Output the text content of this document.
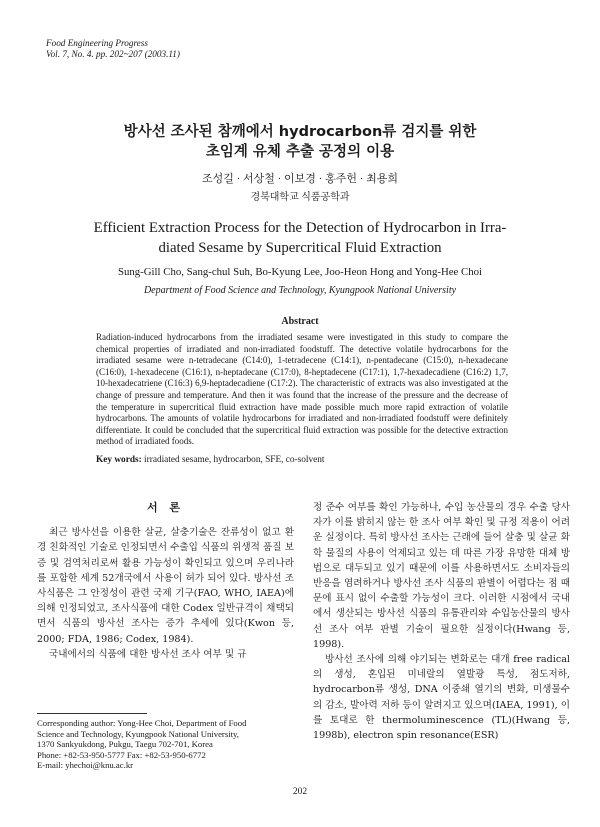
Food Engineering Progress
Vol. 7, No. 4. pp. 202~207 (2003.11)
방사선 조사된 참깨에서 hydrocarbon류 검지를 위한
초임계 유체 추출 공정의 이용
조성길 · 서상철 · 이보경 · 홍주헌 · 최용희
경북대학교 식품공학과
Efficient Extraction Process for the Detection of Hydrocarbon in Irra-
diated Sesame by Supercritical Fluid Extraction
Sung-Gill Cho, Sang-chul Suh, Bo-Kyung Lee, Joo-Heon Hong and Yong-Hee Choi
Department of Food Science and Technology, Kyungpook National University
Abstract
Radiation-induced hydrocarbons from the irradiated sesame were investigated in this study to compare the chemical properties of irradiated and non-irradiated foodstuff. The detective volatile hydrocarbons for the irradiated sesame were n-tetradecane (C14:0), 1-tetradecene (C14:1), n-pentadecane (C15:0), n-hexadecane (C16:0), 1-hexadecene (C16:1), n-heptadecane (C17:0), 8-heptadecene (C17:1), 1,7-hexadecadiene (C16:2) 1,7, 10-hexadecatriene (C16:3) 6,9-heptadecadiene (C17:2). The characteristic of extracts was also investigated at the change of pressure and temperature. And then it was found that the increase of the pressure and the decrease of the temperature in supercritical fluid extraction have made possible much more rapid extraction of volatile hydrocarbons. The amounts of volatile hydrocarbons for irradiated and non-irradiated foodstuff were definitely differentiate. It could be concluded that the supercritical fluid extraction was possible for the detective extraction method of irradiated foods.
Key words: irradiated sesame, hydrocarbon, SFE, co-solvent
서 론

최근 방사선을 이용한 살균, 살충기술은 잔류성이 없고 환경 친화적인 기술로 인정되면서 수출입 식품의 위생적 품질 보증 및 검역처리로써 활용 가능성이 확인되고 있으며 우리나라를 포함한 세계 52개국에서 사용이 허가 되어 있다. 방사선 조사식품은 그 안정성이 관련 국제 기구(FAO, WHO, IAEA)에 의해 인정되었고, 조사식품에 대한 Codex 일반규격이 채택되면서 식품의 방사선 조사는 증가 추세에 있다(Kwon 등, 2000; FDA, 1986; Codex, 1984).

국내에서의 식품에 대한 방사선 조사 여부 및 규

정 준수 여부를 확인 가능하나, 수입 농산물의 경우 수출 당사자가 이를 밝히지 않는 한 조사 여부 확인 및 규정 적용이 어려운 실정이다. 특히 방사선 조사는 근래에 들어 살충 및 살균 화학 물질의 사용이 억제되고 있는 데 따른 가장 유망한 대체 방법으로 대두되고 있기 때문에 이를 사용하면서도 소비자들의 반응을 염려하거나 방사선 조사 식품의 판별이 어렵다는 점 때문에 표시 없이 수출할 가능성이 크다. 이러한 시점에서 국내에서 생산되는 방사선 식품의 유통관리와 수입농산물의 방사선 조사 여부 판별 기술이 필요한 실정이다(Hwang 등, 1998).

방사선 조사에 의해 야기되는 변화로는 대개 free radical의 생성, 혼입된 미네랄의 열발광 특성, 점도저하, hydrocarbon류 생성, DNA 이중쇄 열기의 변화, 미생물수의 감소, 발아력 저하 등이 알려지고 있으며(IAEA, 1991), 이를 토대로 한 thermoluminescence (TL)(Hwang 등, 1998b), electron spin resonance(ESR)

Corresponding author: Yong-Hee Choi, Department of Food
Science and Technology, Kyungpook National University,
1370 Sankyukdong, Pukgu, Taegu 702-701, Korea
Phone: +82-53-950-5777 Fax: +82-53-950-6772
E-mail: yhechoi@knu.ac.kr
202
